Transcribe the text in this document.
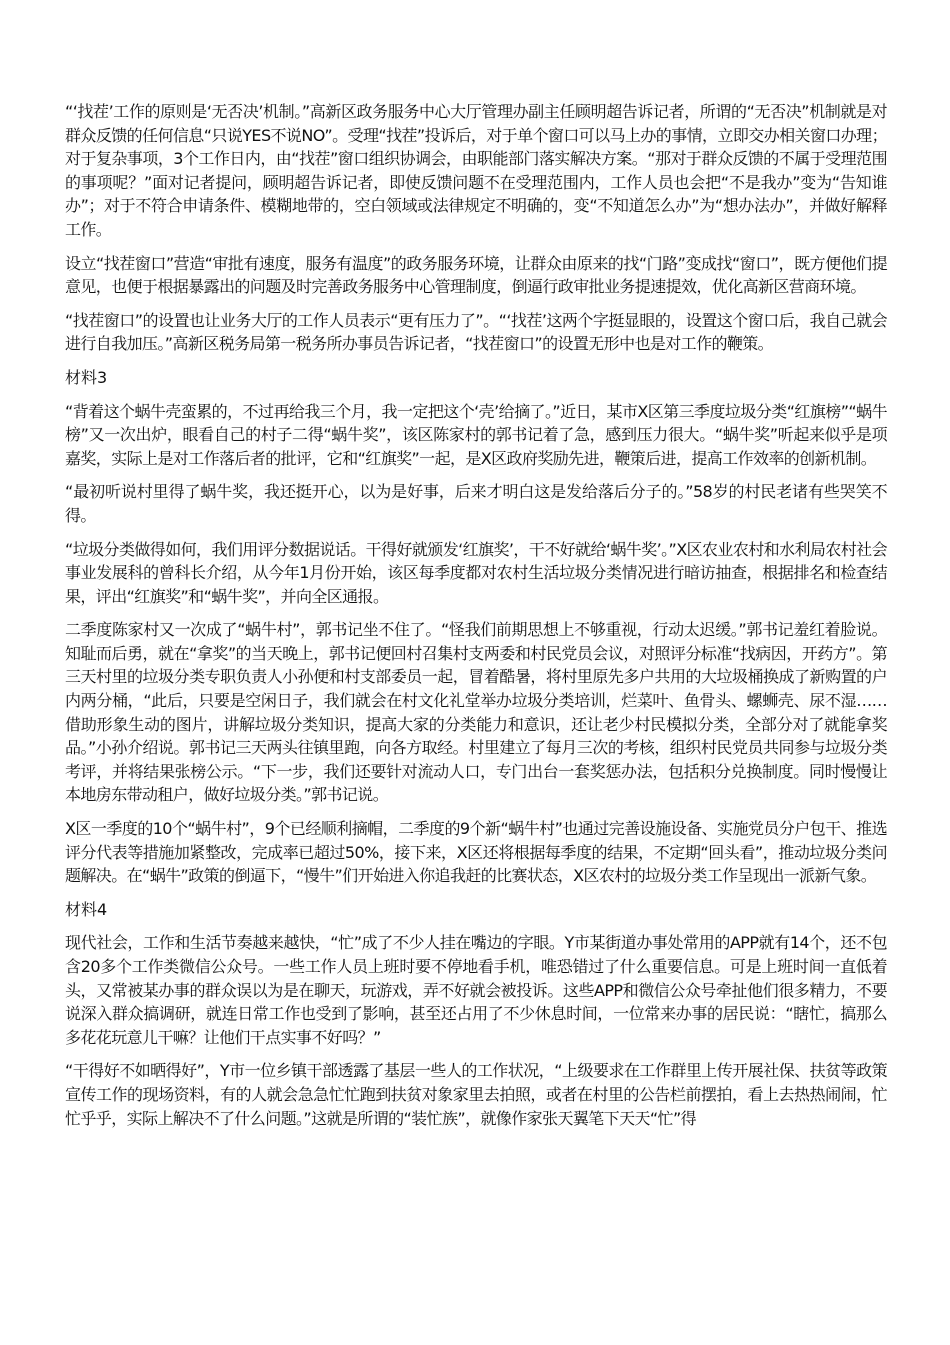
“‘找茬’工作的原则是‘无否决’机制。”高新区政务服务中心大厅管理办副主任顾明超告诉记者，所谓的“无否决”机制就是对群众反馈的任何信息“只说YES不说NO”。受理“找茬”投诉后，对于单个窗口可以马上办的事情，立即交办相关窗口办理；对于复杂事项，3个工作日内，由“找茬”窗口组织协调会，由职能部门落实解决方案。“那对于群众反馈的不属于受理范围的事项呢？”面对记者提问，顾明超告诉记者，即使反馈问题不在受理范围内，工作人员也会把“不是我办”变为“告知谁办”；对于不符合申请条件、模糊地带的，空白领域或法律规定不明确的，变“不知道怎么办”为“想办法办”，并做好解释工作。

设立“找茬窗口”营造“审批有速度，服务有温度”的政务服务环境，让群众由原来的找“门路”变成找“窗口”，既方便他们提意见，也便于根据暴露出的问题及时完善政务服务中心管理制度，倒逼行政审批业务提速提效，优化高新区营商环境。

“找茬窗口”的设置也让业务大厅的工作人员表示“更有压力了”。“‘找茬’这两个字挺显眼的，设置这个窗口后，我自己就会进行自我加压。”高新区税务局第一税务所办事员告诉记者，“找茬窗口”的设置无形中也是对工作的鞭策。

材料3

“背着这个蜗牛壳蛮累的，不过再给我三个月，我一定把这个‘壳’给摘了。”近日，某市X区第三季度垃圾分类“红旗榜”“蜗牛榜”又一次出炉，眼看自己的村子二得“蜗牛奖”，该区陈家村的郭书记着了急，感到压力很大。“蜗牛奖”听起来似乎是项嘉奖，实际上是对工作落后者的批评，它和“红旗奖”一起，是X区政府奖励先进，鞭策后进，提高工作效率的创新机制。

“最初听说村里得了蜗牛奖，我还挺开心，以为是好事，后来才明白这是发给落后分子的。”58岁的村民老诸有些哭笑不得。

“垃圾分类做得如何，我们用评分数据说话。干得好就颁发‘红旗奖’，干不好就给‘蜗牛奖’。”X区农业农村和水利局农村社会事业发展科的曾科长介绍，从今年1月份开始，该区每季度都对农村生活垃圾分类情况进行暗访抽查，根据排名和检查结果，评出“红旗奖”和“蜗牛奖”，并向全区通报。

二季度陈家村又一次成了“蜗牛村”，郭书记坐不住了。“怪我们前期思想上不够重视，行动太迟缓。”郭书记羞红着脸说。知耻而后勇，就在“拿奖”的当天晚上，郭书记便回村召集村支两委和村民党员会议，对照评分标准“找病因，开药方”。第三天村里的垃圾分类专职负责人小孙便和村支部委员一起，冒着酷暑，将村里原先多户共用的大垃圾桶换成了新购置的户内两分桶，“此后，只要是空闲日子，我们就会在村文化礼堂举办垃圾分类培训，烂菜叶、鱼骨头、螺蛳壳、尿不湿……借助形象生动的图片，讲解垃圾分类知识，提高大家的分类能力和意识，还让老少村民模拟分类，全部分对了就能拿奖品。”小孙介绍说。郭书记三天两头往镇里跑，向各方取经。村里建立了每月三次的考核，组织村民党员共同参与垃圾分类考评，并将结果张榜公示。“下一步，我们还要针对流动人口，专门出台一套奖惩办法，包括积分兑换制度。同时慢慢让本地房东带动租户，做好垃圾分类。”郭书记说。

X区一季度的10个“蜗牛村”，9个已经顺利摘帽，二季度的9个新“蜗牛村”也通过完善设施设备、实施党员分户包干、推选评分代表等措施加紧整改，完成率已超过50%，接下来，X区还将根据每季度的结果，不定期“回头看”，推动垃圾分类问题解决。在“蜗牛”政策的倒逼下，“慢牛”们开始进入你追我赶的比赛状态，X区农村的垃圾分类工作呈现出一派新气象。

材料4

现代社会，工作和生活节奏越来越快，“忙”成了不少人挂在嘴边的字眼。Y市某街道办事处常用的APP就有14个，还不包含20多个工作类微信公众号。一些工作人员上班时要不停地看手机，唯恐错过了什么重要信息。可是上班时间一直低着头，又常被某办事的群众误以为是在聊天，玩游戏，弄不好就会被投诉。这些APP和微信公众号牵扯他们很多精力，不要说深入群众搞调研，就连日常工作也受到了影响，甚至还占用了不少休息时间，一位常来办事的居民说：“瞎忙，搞那么多花花玩意儿干嘛？让他们干点实事不好吗？”

“干得好不如晒得好”，Y市一位乡镇干部透露了基层一些人的工作状况，“上级要求在工作群里上传开展社保、扶贫等政策宣传工作的现场资料，有的人就会急急忙忙跑到扶贫对象家里去拍照，或者在村里的公告栏前摆拍，看上去热热闹闹，忙忙乎乎，实际上解决不了什么问题。”这就是所谓的“装忙族”，就像作家张天翼笔下天天“忙”得
